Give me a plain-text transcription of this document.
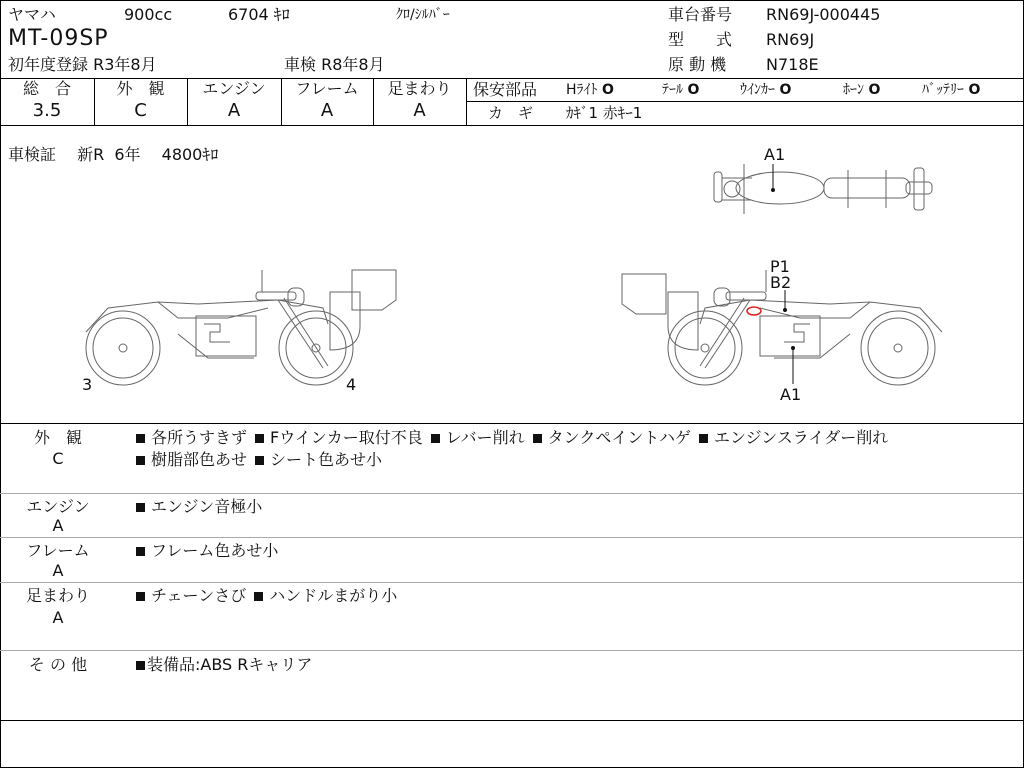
ヤマハ	900cc	6704 ｷﾛ	ｸﾛ/ｼﾙﾊﾞｰ	車台番号 RN69J-000445
MT-09SP	型　　式 RN69J
初年度登録 R3年8月	車検 R8年8月	原 動 機 N718E
総　合	外　観	エンジン	フレーム	足まわり
3.5	C	A	A	A
保安部品 Hﾗｲﾄ O	ﾃｰﾙ O	ｳｲﾝｶｰ O	ﾎｰﾝ O	ﾊﾞｯﾃﾘｰ O
カ　ギ ｶｷﾞ1 赤ｷｰ1
車検証　 新R  6年　 4800ｷﾛ	A1
3	4
P1
B2
A1
外　観
C
各所うすきず Fウインカー取付不良 レバー削れ タンクペイントハゲ エンジンスライダー削れ
樹脂部色あせ シート色あせ小
エンジン
A
エンジン音極小
フレーム
A
フレーム色あせ小
足まわり
A
チェーンさび ハンドルまがり小
そ の 他	装備品:ABS Rキャリア
